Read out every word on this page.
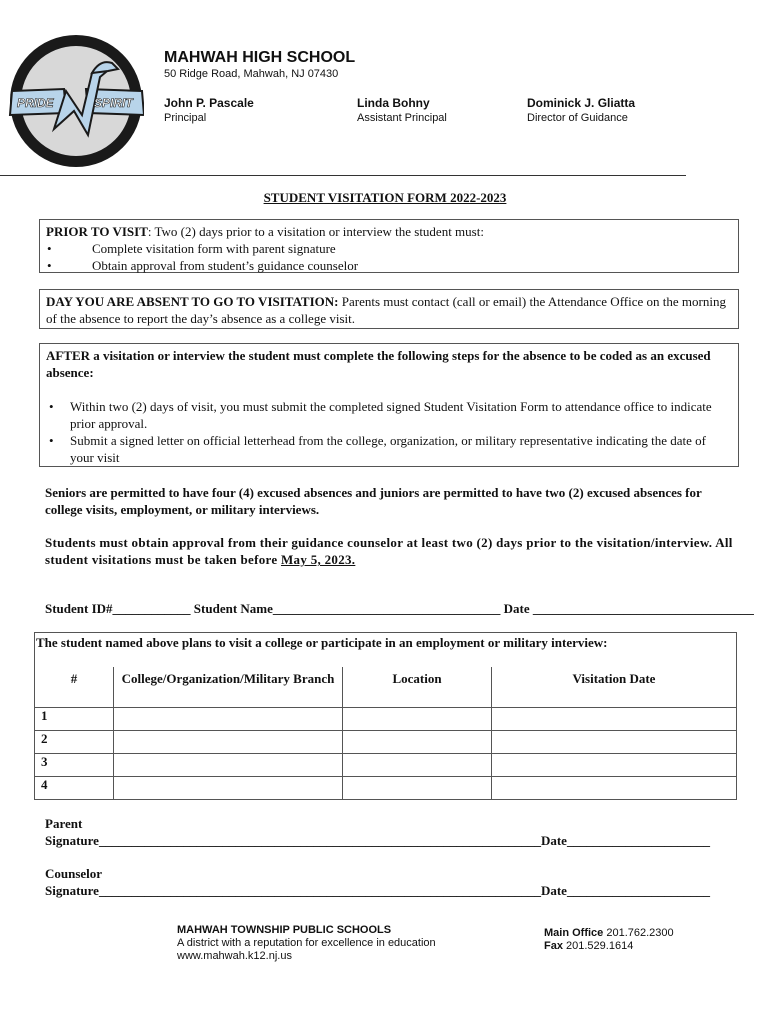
PRIDE	SPIRIT
MAHWAH HIGH SCHOOL
50 Ridge Road, Mahwah, NJ 07430
John P. Pascale
Principal
Linda Bohny
Assistant Principal
Dominick J. Gliatta
Director of Guidance
STUDENT VISITATION FORM 2022-2023
PRIOR TO VISIT: Two (2) days prior to a visitation or interview the student must:
•	Complete visitation form with parent signature
•	Obtain approval from student’s guidance counselor
DAY YOU ARE ABSENT TO GO TO VISITATION: Parents must contact (call or email) the Attendance Office on the morning of the absence to report the day’s absence as a college visit.
AFTER a visitation or interview the student must complete the following steps for the absence to be coded as an excused absence:
•	Within two (2) days of visit, you must submit the completed signed Student Visitation Form to attendance office to indicate prior approval.
•	Submit a signed letter on official letterhead from the college, organization, or military representative indicating the date of your visit
Seniors are permitted to have four (4) excused absences and juniors are permitted to have two (2) excused absences for college visits, employment, or military interviews.
Students must obtain approval from their guidance counselor at least two (2) days prior to the visitation/interview. All student visitations must be taken before May 5, 2023.
Student ID#____________ Student Name___________________________________ Date __________________________________
The student named above plans to visit a college or participate in an employment or military interview:			
#	College/Organization/Military Branch	Location	Visitation Date
1			
2			
3			
4			
Parent
Signature____________________________________________________________________Date______________________
Counselor
Signature____________________________________________________________________Date______________________
MAHWAH TOWNSHIP PUBLIC SCHOOLS
A district with a reputation for excellence in education
www.mahwah.k12.nj.us
Main Office 201.762.2300
Fax 201.529.1614
